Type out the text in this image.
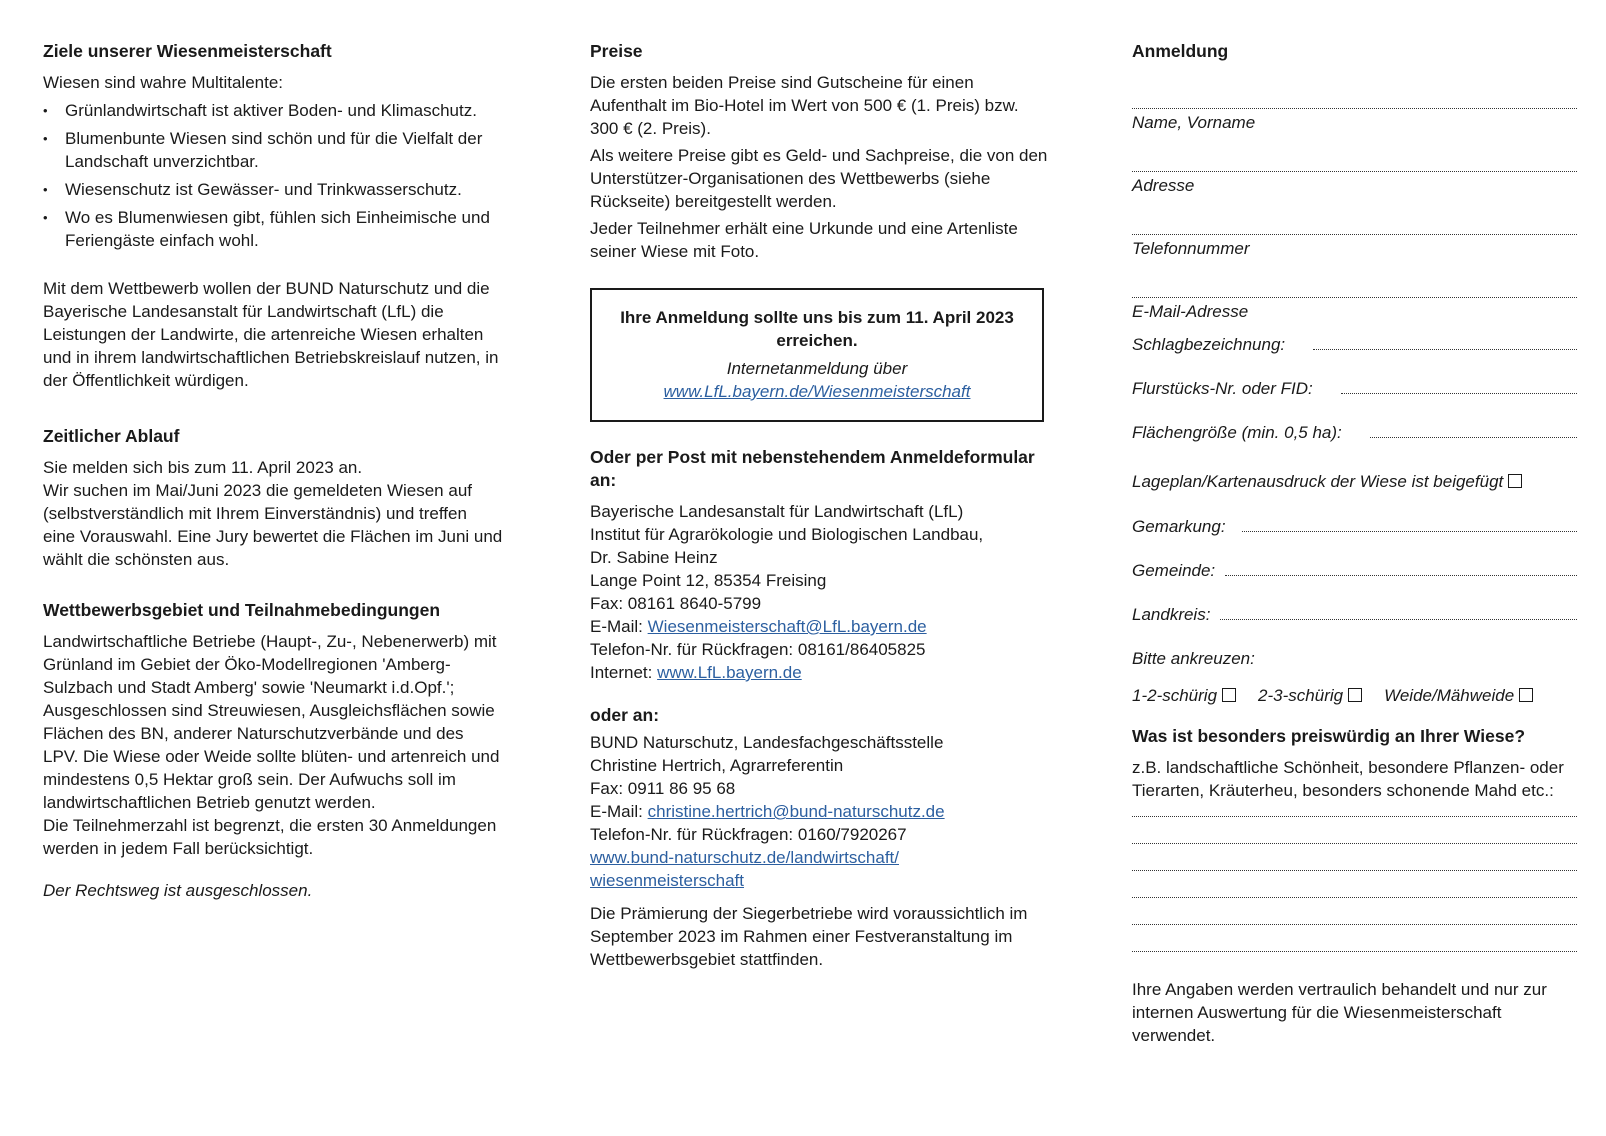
Ziele unserer Wiesenmeisterschaft

Wiesen sind wahre Multitalente:

• Grünlandwirtschaft ist aktiver Boden- und Klimaschutz.
• Blumenbunte Wiesen sind schön und für die Vielfalt der Landschaft unverzichtbar.
• Wiesenschutz ist Gewässer- und Trinkwasserschutz.
• Wo es Blumenwiesen gibt, fühlen sich Einheimische und Feriengäste einfach wohl.

Mit dem Wettbewerb wollen der BUND Naturschutz und die Bayerische Landesanstalt für Landwirtschaft (LfL) die Leistungen der Landwirte, die artenreiche Wiesen erhalten und in ihrem landwirtschaftlichen Betriebskreislauf nutzen, in der Öffentlichkeit würdigen.

Zeitlicher Ablauf

Sie melden sich bis zum 11. April 2023 an.

Wir suchen im Mai/Juni 2023 die gemeldeten Wiesen auf (selbstverständlich mit Ihrem Einverständnis) und treffen eine Vorauswahl. Eine Jury bewertet die Flächen im Juni und wählt die schönsten aus.

Wettbewerbsgebiet und Teilnahmebedingungen

Landwirtschaftliche Betriebe (Haupt-, Zu-, Nebenerwerb) mit Grünland im Gebiet der Öko-Modellregionen 'Amberg-Sulzbach und Stadt Amberg' sowie 'Neumarkt i.d.Opf.'; Ausgeschlossen sind Streuwiesen, Ausgleichsflächen sowie Flächen des BN, anderer Naturschutzverbände und des LPV. Die Wiese oder Weide sollte blüten- und artenreich und mindestens 0,5 Hektar groß sein. Der Aufwuchs soll im landwirtschaftlichen Betrieb genutzt werden.

Die Teilnehmerzahl ist begrenzt, die ersten 30 Anmeldungen werden in jedem Fall berücksichtigt.

Der Rechtsweg ist ausgeschlossen.

Preise

Die ersten beiden Preise sind Gutscheine für einen Aufenthalt im Bio-Hotel im Wert von 500 € (1. Preis) bzw. 300 € (2. Preis).

Als weitere Preise gibt es Geld- und Sachpreise, die von den Unterstützer-Organisationen des Wettbewerbs (siehe Rückseite) bereitgestellt werden.

Jeder Teilnehmer erhält eine Urkunde und eine Artenliste seiner Wiese mit Foto.

Ihre Anmeldung sollte uns bis zum 11. April 2023 erreichen.
Internetanmeldung über
www.LfL.bayern.de/Wiesenmeisterschaft
Oder per Post mit nebenstehendem Anmeldeformular an:

Bayerische Landesanstalt für Landwirtschaft (LfL)

Institut für Agrarökologie und Biologischen Landbau,

Dr. Sabine Heinz

Lange Point 12, 85354 Freising

Fax: 08161 8640-5799

E-Mail: Wiesenmeisterschaft@LfL.bayern.de

Telefon-Nr. für Rückfragen: 08161/86405825

Internet: www.LfL.bayern.de

oder an:

BUND Naturschutz, Landesfachgeschäftsstelle

Christine Hertrich, Agrarreferentin

Fax: 0911 86 95 68

E-Mail: christine.hertrich@bund-naturschutz.de

Telefon-Nr. für Rückfragen: 0160/7920267

www.bund-naturschutz.de/landwirtschaft/
wiesenmeisterschaft

Die Prämierung der Siegerbetriebe wird voraussichtlich im September 2023 im Rahmen einer Festveranstaltung im Wettbewerbsgebiet stattfinden.

Anmeldung
Name, Vorname
Adresse
Telefonnummer
E-Mail-Adresse
Schlagbezeichnung:
Flurstücks-Nr. oder FID:
Flächengröße (min. 0,5 ha):
Lageplan/Kartenausdruck der Wiese ist beigefügt
Gemarkung:
Gemeinde:
Landkreis:
Bitte ankreuzen:
1-2-schürig	2-3-schürig	Weide/Mähweide
Was ist besonders preiswürdig an Ihrer Wiese?

z.B. landschaftliche Schönheit, besondere Pflanzen- oder Tierarten, Kräuterheu, besonders schonende Mahd etc.:

Ihre Angaben werden vertraulich behandelt und nur zur internen Auswertung für die Wiesenmeisterschaft verwendet.
